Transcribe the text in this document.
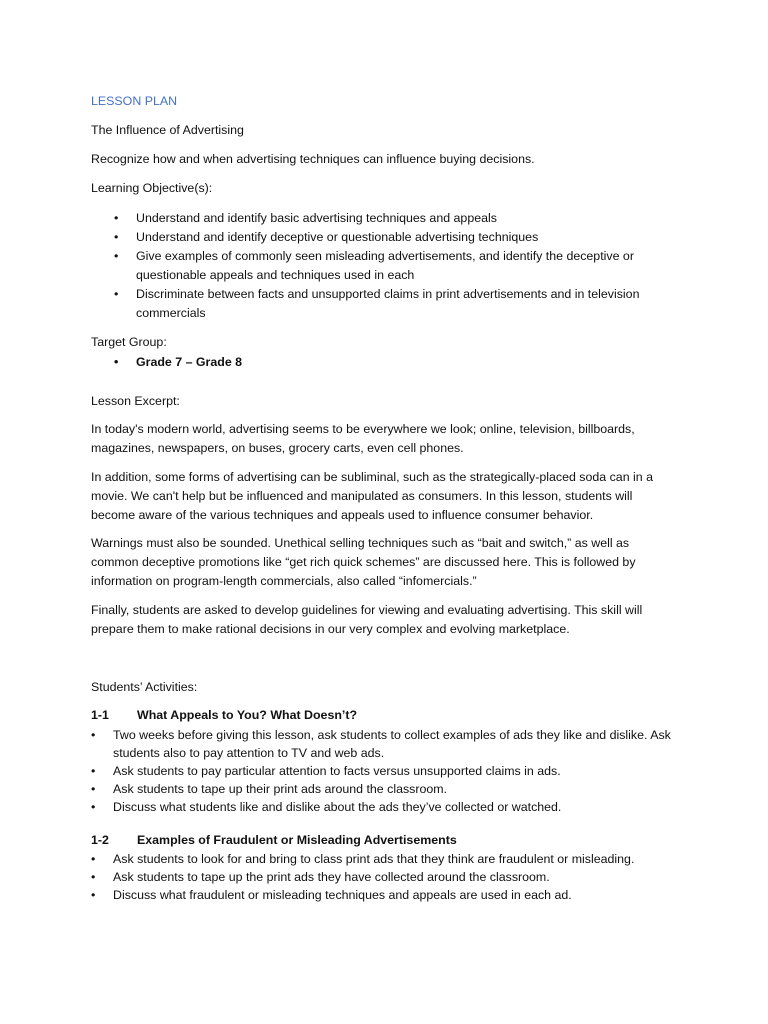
LESSON PLAN

The Influence of Advertising

Recognize how and when advertising techniques can influence buying decisions.

Learning Objective(s):

• Understand and identify basic advertising techniques and appeals
• Understand and identify deceptive or questionable advertising techniques
• Give examples of commonly seen misleading advertisements, and identify the deceptive or questionable appeals and techniques used in each
• Discriminate between facts and unsupported claims in print advertisements and in television commercials

Target Group:

• Grade 7 – Grade 8

Lesson Excerpt:

In today's modern world, advertising seems to be everywhere we look; online, television, billboards, magazines, newspapers, on buses, grocery carts, even cell phones.

In addition, some forms of advertising can be subliminal, such as the strategically-placed soda can in a movie. We can't help but be influenced and manipulated as consumers. In this lesson, students will become aware of the various techniques and appeals used to influence consumer behavior.

Warnings must also be sounded. Unethical selling techniques such as “bait and switch,” as well as common deceptive promotions like “get rich quick schemes” are discussed here. This is followed by information on program-length commercials, also called “infomercials.”

Finally, students are asked to develop guidelines for viewing and evaluating advertising. This skill will prepare them to make rational decisions in our very complex and evolving marketplace.

Students’ Activities:

1-1 What Appeals to You? What Doesn’t?
• Two weeks before giving this lesson, ask students to collect examples of ads they like and dislike. Ask students also to pay attention to TV and web ads.
• Ask students to pay particular attention to facts versus unsupported claims in ads.
• Ask students to tape up their print ads around the classroom.
• Discuss what students like and dislike about the ads they’ve collected or watched.
1-2 Examples of Fraudulent or Misleading Advertisements
• Ask students to look for and bring to class print ads that they think are fraudulent or misleading.
• Ask students to tape up the print ads they have collected around the classroom.
• Discuss what fraudulent or misleading techniques and appeals are used in each ad.
